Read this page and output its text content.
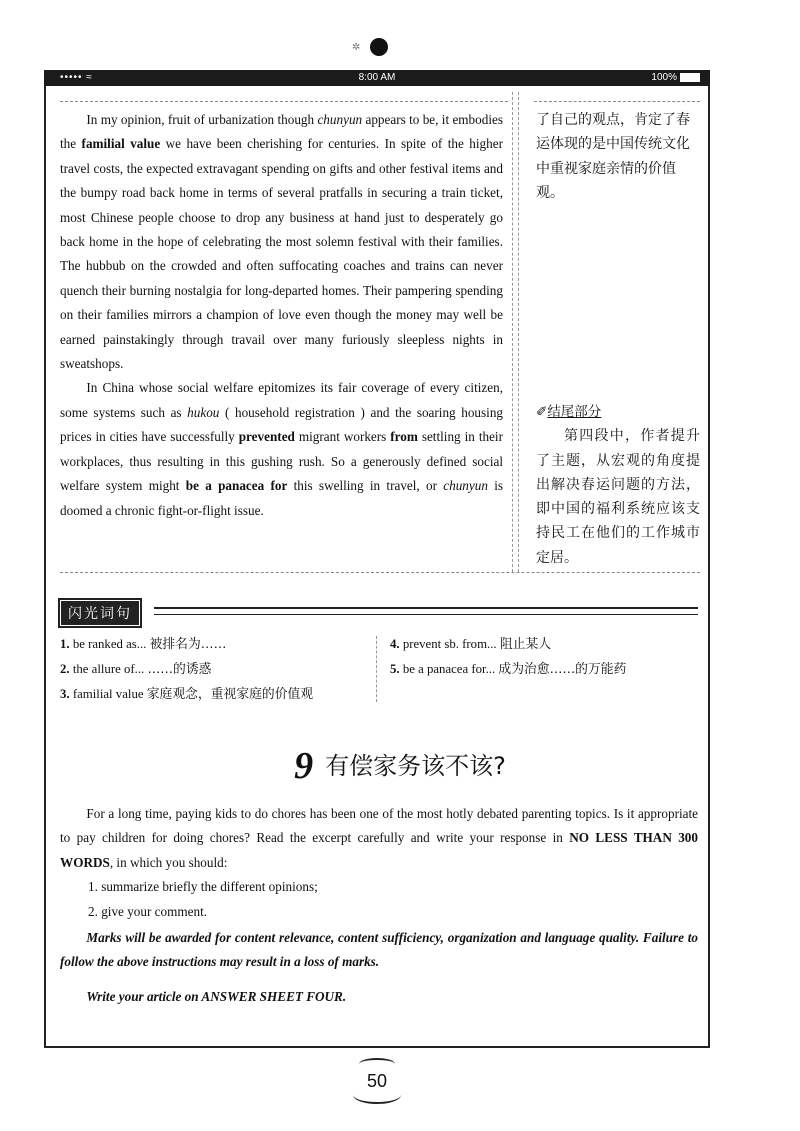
✲
••••• ≈	8:00 AM	100%

In my opinion, fruit of urbanization though chunyun appears to be, it embodies the familial value we have been cherishing for centuries. In spite of the higher travel costs, the expected extravagant spending on gifts and other festival items and the bumpy road back home in terms of several pratfalls in securing a train ticket, most Chinese people choose to drop any business at hand just to desperately go back home in the hope of celebrating the most solemn festival with their families. The hubbub on the crowded and often suffocating coaches and trains can never quench their burning nostalgia for long-departed homes. Their pampering spending on their families mirrors a champion of love even though the money may well be earned painstakingly through travail over many furiously sleepless nights in sweatshops.

In China whose social welfare epitomizes its fair coverage of every citizen, some systems such as hukou ( household registration ) and the soaring housing prices in cities have successfully prevented migrant workers from settling in their workplaces, thus resulting in this gushing rush. So a generously defined social welfare system might be a panacea for this swelling in travel, or chunyun is doomed a chronic fight-or-flight issue.

了自己的观点，肯定了春运体现的是中国传统文化中重视家庭亲情的价值观。

✐结尾部分

第四段中，作者提升了主题，从宏观的角度提出解决春运问题的方法，即中国的福利系统应该支持民工在他们的工作城市定居。

闪光词句
1. be ranked as... 被排名为……
2. the allure of... ……的诱惑
3. familial value 家庭观念，重视家庭的价值观
4. prevent sb. from... 阻止某人
5. be a panacea for... 成为治愈……的万能药
9 有偿家务该不该?

For a long time, paying kids to do chores has been one of the most hotly debated parenting topics. Is it appropriate to pay children for doing chores? Read the excerpt carefully and write your response in NO LESS THAN 300 WORDS, in which you should:

1. summarize briefly the different opinions;

2. give your comment.

Marks will be awarded for content relevance, content sufficiency, organization and language quality. Failure to follow the above instructions may result in a loss of marks.

Write your article on ANSWER SHEET FOUR.

50
